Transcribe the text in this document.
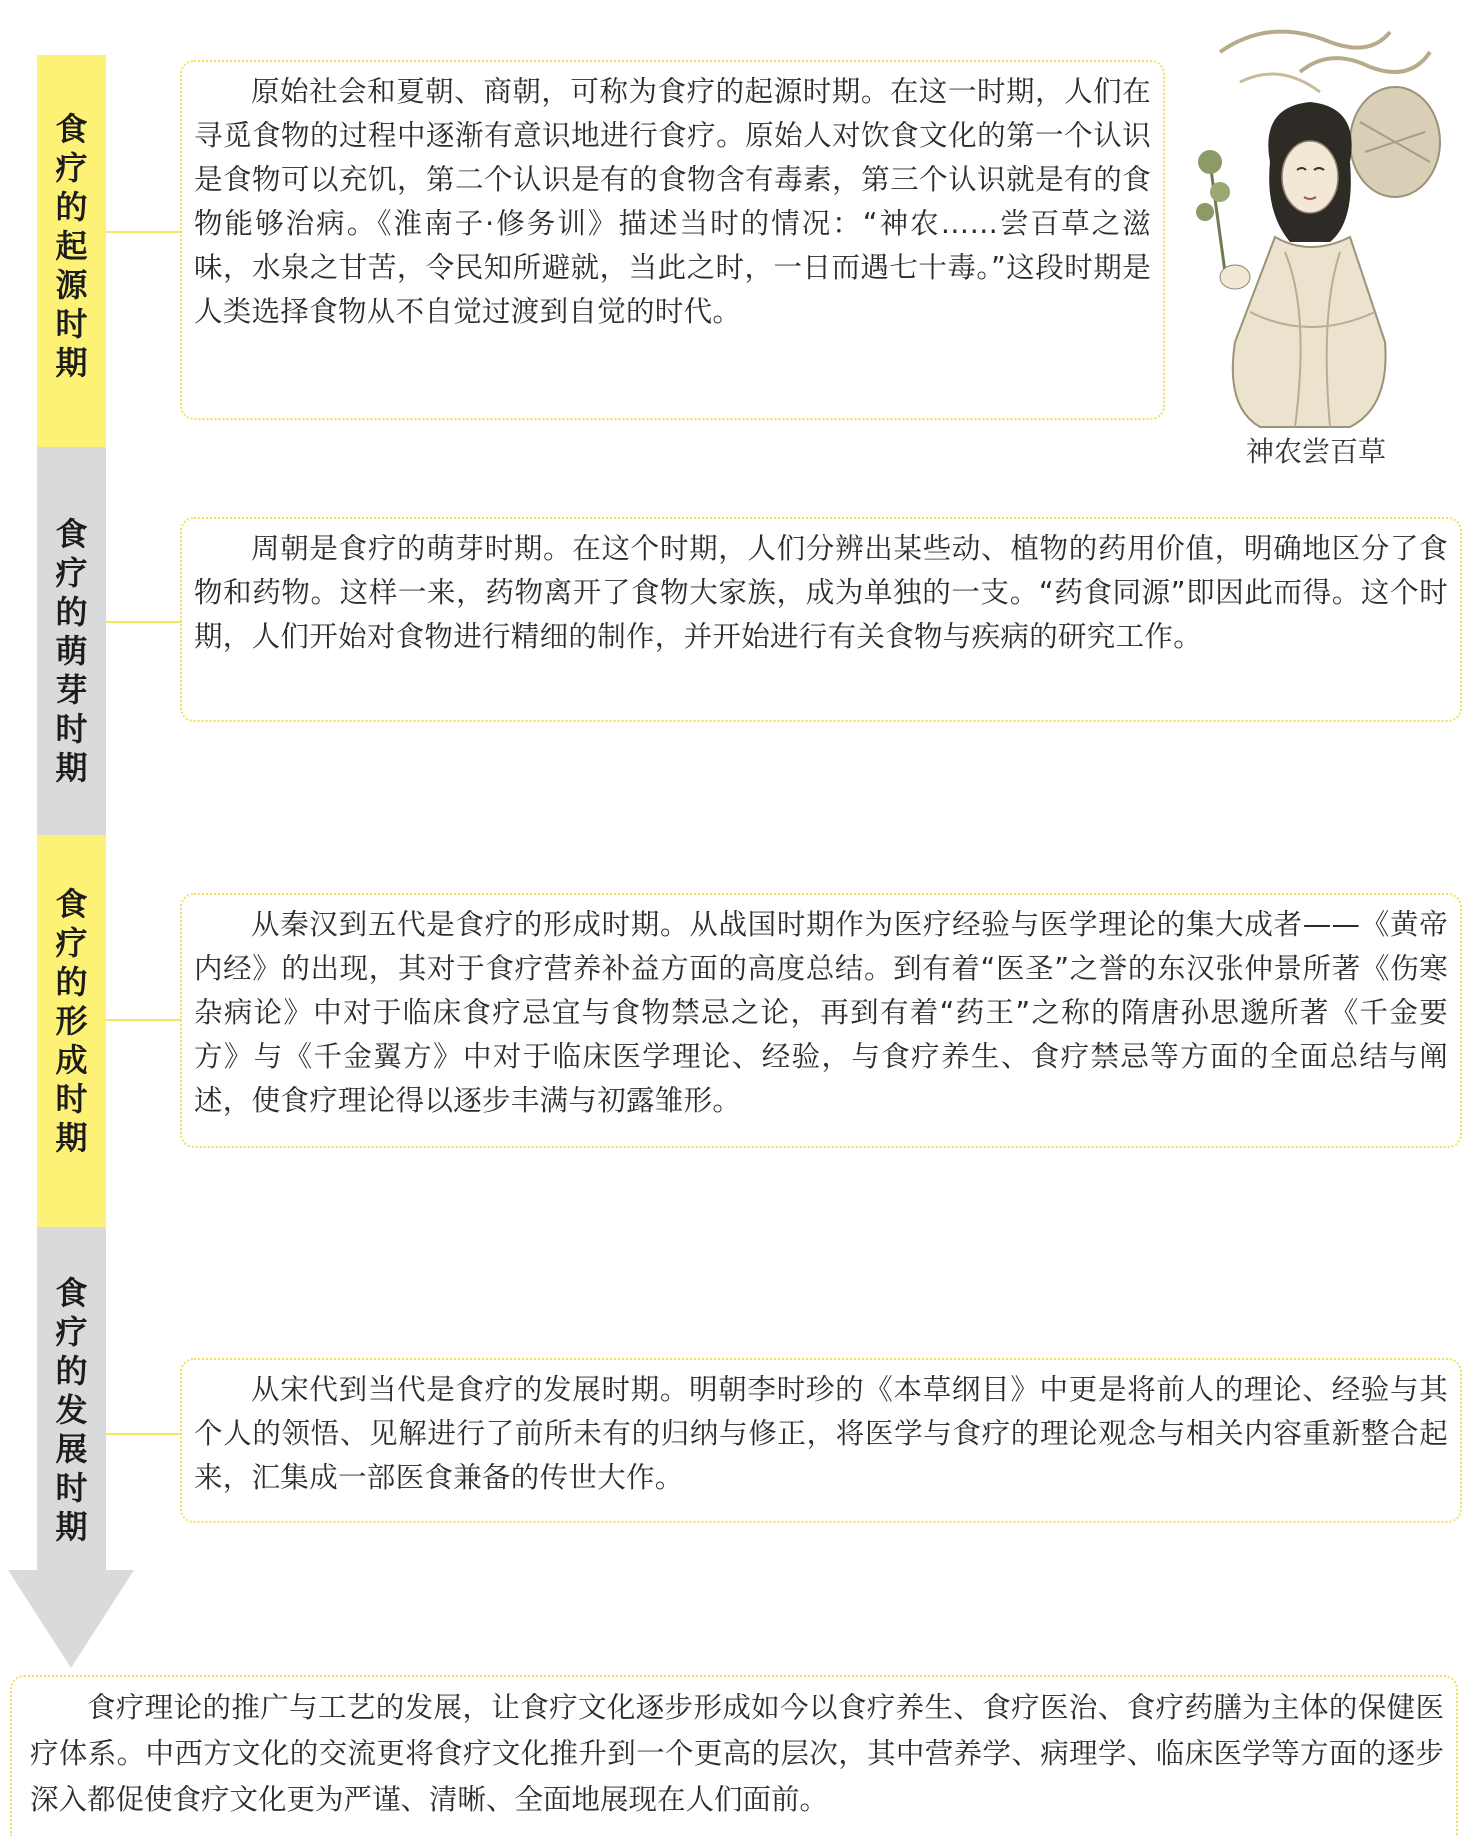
食疗的起源时期
食疗的萌芽时期
食疗的形成时期
食疗的发展时期

原始社会和夏朝、商朝，可称为食疗的起源时期。在这一时期，人们在寻觅食物的过程中逐渐有意识地进行食疗。原始人对饮食文化的第一个认识是食物可以充饥，第二个认识是有的食物含有毒素，第三个认识就是有的食物能够治病。《淮南子·修务训》描述当时的情况：“神农……尝百草之滋味，水泉之甘苦，令民知所避就，当此之时，一日而遇七十毒。”这段时期是人类选择食物从不自觉过渡到自觉的时代。

周朝是食疗的萌芽时期。在这个时期，人们分辨出某些动、植物的药用价值，明确地区分了食物和药物。这样一来，药物离开了食物大家族，成为单独的一支。“药食同源”即因此而得。这个时期，人们开始对食物进行精细的制作，并开始进行有关食物与疾病的研究工作。

从秦汉到五代是食疗的形成时期。从战国时期作为医疗经验与医学理论的集大成者——《黄帝内经》的出现，其对于食疗营养补益方面的高度总结。到有着“医圣”之誉的东汉张仲景所著《伤寒杂病论》中对于临床食疗忌宜与食物禁忌之论，再到有着“药王”之称的隋唐孙思邈所著《千金要方》与《千金翼方》中对于临床医学理论、经验，与食疗养生、食疗禁忌等方面的全面总结与阐述，使食疗理论得以逐步丰满与初露雏形。

从宋代到当代是食疗的发展时期。明朝李时珍的《本草纲目》中更是将前人的理论、经验与其个人的领悟、见解进行了前所未有的归纳与修正，将医学与食疗的理论观念与相关内容重新整合起来，汇集成一部医食兼备的传世大作。

神农尝百草

食疗理论的推广与工艺的发展，让食疗文化逐步形成如今以食疗养生、食疗医治、食疗药膳为主体的保健医疗体系。中西方文化的交流更将食疗文化推升到一个更高的层次，其中营养学、病理学、临床医学等方面的逐步深入都促使食疗文化更为严谨、清晰、全面地展现在人们面前。
